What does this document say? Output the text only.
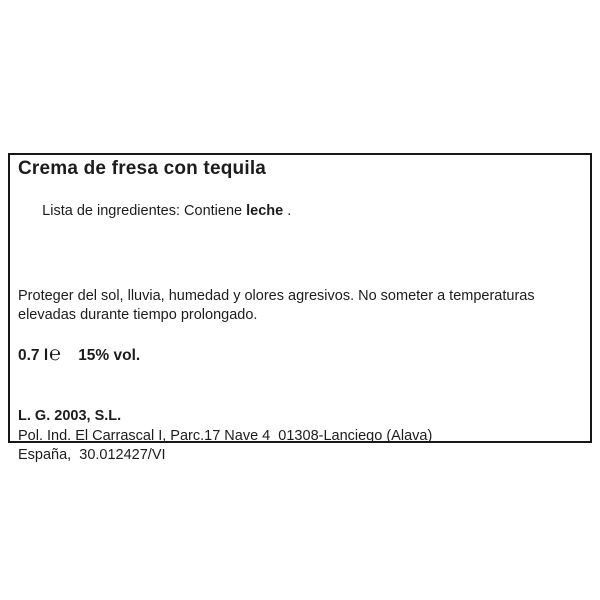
Crema de fresa con tequila

Lista de ingredientes: Contiene leche .

Proteger del sol, lluvia, humedad y olores agresivos. No someter a temperaturas
elevadas durante tiempo prolongado.
0.7 l ℮ 15% vol.
L. G. 2003, S.L.
Pol. Ind. El Carrascal I, Parc.17 Nave 4  01308-Lanciego (Alava)
España,  30.012427/VI
